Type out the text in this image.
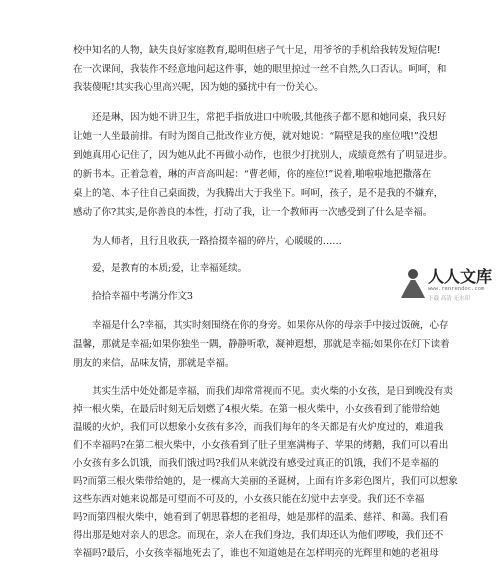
校中知名的人物，缺失良好家庭教育,聪明但痞子气十足，用爷爷的手机给我转发短信呢!
在一次课间，我装作不经意地问起这件事，她的眼里掠过一丝不自然,久口否认。呵呵，和
我装傻呢!其实我心里高兴呢，因为她的骚扰中有一份关心。
还是琳，因为她不讲卫生，常把手指放进口中吮吸,其他孩子都不愿和她同桌，我只好
让她一人坐最前排。有时为图自己批改作业方便，就对她说：“隔壁是我的座位哦!”没想
到她真用心记住了，因为她从此不再做小动作，也很少打扰别人，成绩竟然有了明显进步。
的新书本。正着急着，琳的声音高叫起：“曹老师，你的座位!”说着,啪啦啦地把撒落在
桌上的笔、本子往自己桌面拨，为我腾出大于我坐下。呵呵，孩子，是不是我的不嫌弃，
感动了你?其实,是你善良的本性，打动了我，让一个教师再一次感受到了什么是幸福。
为人师者，且行且收获,一路拾掇幸福的碎片，心暖暖的……
爱，是教育的本质;爱，让幸福延续。
拾拾幸福中考满分作文3
幸福是什么?幸福，其实时刻围绕在你的身旁。如果你从你的母亲手中接过饭碗，心存
温馨，那就是幸福;如果你独坐一隅，静静听歌，凝神遐想，那就是幸福;如果你在灯下读着
朋友的来信，品味友情，那就是幸福。
其实生活中处处都是幸福，而我们却常常视而不见。卖火柴的小女孩，是日到晚没有卖
掉一根火柴，在最后时刻无后划燃了4根火柴。在第一根火柴中，小女孩看到了能带给她
温暖的火炉，我们可以想象小女孩有多冷，而我们每年的冬天都是有火炉度过的，难道我
们不幸福吗?在第二根火柴中，小女孩看到了肚子里塞满梅子、苹果的烤鹅，我们可以看出
小女孩有多么饥饿，而我们饿过吗?我们从来就没有感受过真正的饥饿，我们不是幸福的
吗?而第三根火柴带给她的，是一棵高大美丽的圣诞树，上面有许多彩色图片，我们可以想象
这些东西对她来说都是可望而不可及的，小女孩只能在幻觉中去享受。我们还不幸福
吗?而第四根火柴中，她看到了朝思暮想的老祖母，她是那样的温柔、慈祥、和蔼。我们看
得出那是她对亲人的思念。而现在，亲人在我们身边，我们却还认为他们啰唆，我们还不
幸福吗?最后，小女孩幸福地死去了，谁也不知道她是在怎样明亮的光辉里和她的老祖母
人人文库
www.renrendoc.com
下载 高清 无水印
